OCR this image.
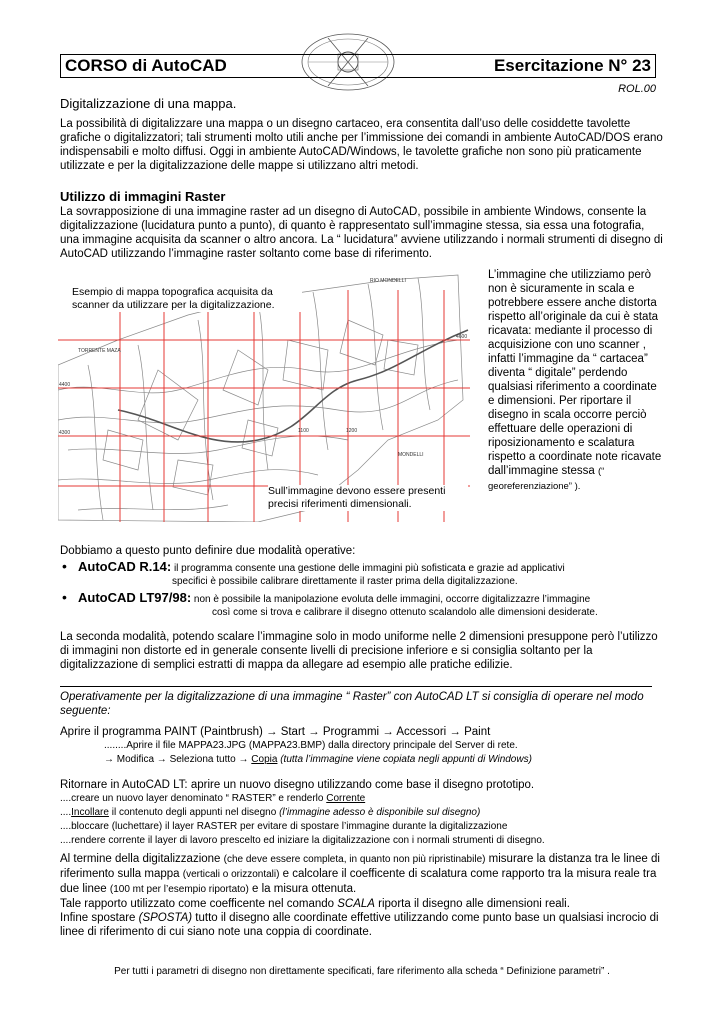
CORSO di AutoCAD	Esercitazione N° 23
ROL.00
Digitalizzazione di una mappa.
La possibilità di digitalizzare una mappa o un disegno cartaceo, era consentita dall’uso delle cosiddette tavolette grafiche o digitalizzatori; tali strumenti molto utili anche per l’immissione dei comandi in ambiente AutoCAD/DOS erano indispensabili e molto diffusi. Oggi in ambiente AutoCAD/Windows, le tavolette grafiche non sono più praticamente utilizzate e per la digitalizzazione delle mappe si utilizzano altri metodi.
Utilizzo di immagini Raster
La sovrapposizione di una immagine raster ad un disegno di AutoCAD, possibile in ambiente Windows, consente la digitalizzazione (lucidatura punto a punto), di quanto è rappresentato sull’immagine stessa, sia essa una fotografia, una immagine acquisita da scanner o altro ancora. La “ lucidatura” avviene utilizzando i normali strumenti di disegno di AutoCAD utilizzando l’immagine raster soltanto come base di riferimento.
RIO MONDELLI
TORRENTE MAZA
MONDELLI
4600
4400
4300	1100	1200
Esempio di mappa topografica acquisita da scanner da utilizzare per la digitalizzazione.
Sull’immagine devono essere presenti precisi riferimenti dimensionali.
L’immagine che utilizziamo però non è sicuramente in scala e potrebbere essere anche distorta rispetto all’originale da cui è stata ricavata: mediante il processo di acquisizione con uno scanner , infatti l’immagine da “ cartacea” diventa “ digitale” perdendo qualsiasi riferimento a coordinate e dimensioni. Per riportare il disegno in scala occorre perciò effettuare delle operazioni di riposizionamento e scalatura rispetto a coordinate note ricavate dall’immagine stessa (“ georeferenziazione” ).
Dobbiamo a questo punto definire due modalità operative:
• AutoCAD R.14: il programma consente una gestione delle immagini più sofisticata e grazie ad applicativi
specifici è possibile calibrare direttamente il raster prima della digitalizzazione.
• AutoCAD LT97/98: non è possibile la manipolazione evoluta delle immagini, occorre digitalizzazre l’immagine
così come si trova e calibrare il disegno ottenuto scalandolo alle dimensioni desiderate.
La seconda modalità, potendo scalare l’immagine solo in modo uniforme nelle 2 dimensioni presuppone però l’utilizzo di immagini non distorte ed in generale consente livelli di precisione inferiore e si consiglia soltanto per la digitalizzazione di semplici estratti di mappa da allegare ad esempio alle pratiche edilizie.
Operativamente per la digitalizzazione di una immagine “ Raster” con AutoCAD LT si consiglia di operare nel modo seguente:
Aprire il programma PAINT (Paintbrush) → Start → Programmi → Accessori → Paint
........Aprire il file MAPPA23.JPG (MAPPA23.BMP) dalla directory principale del Server di rete.
→ Modifica → Seleziona tutto → Copia (tutta l’immagine viene copiata negli appunti di Windows)
Ritornare in AutoCAD LT: aprire un nuovo disegno utilizzando come base il disegno prototipo.
....creare un nuovo layer denominato “ RASTER” e renderlo Corrente
....Incollare il contenuto degli appunti nel disegno (l’immagine adesso è disponibile sul disegno)
....bloccare (luchettare) il layer RASTER per evitare di spostare l’immagine durante la digitalizzazione
....rendere corrente il layer di lavoro prescelto ed iniziare la digitalizzazione con i normali strumenti di disegno.
Al termine della digitalizzazione (che deve essere completa, in quanto non più ripristinabile) misurare la distanza tra le linee di riferimento sulla mappa (verticali o orizzontali) e calcolare il coefficente di scalatura come rapporto tra la misura reale tra due linee (100 mt per l’esempio riportato) e la misura ottenuta.
Tale rapporto utilizzato come coefficente nel comando SCALA riporta il disegno alle dimensioni reali.
Infine spostare (SPOSTA) tutto il disegno alle coordinate effettive utilizzando come punto base un qualsiasi incrocio di linee di riferimento di cui siano note una coppia di coordinate.
Per tutti i parametri di disegno non direttamente specificati, fare riferimento alla scheda “ Definizione parametri” .
